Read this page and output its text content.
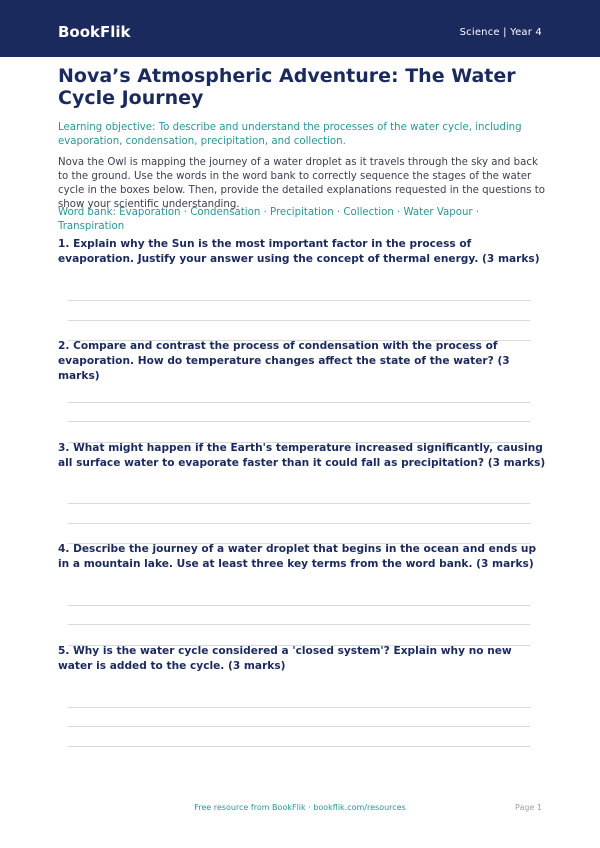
BookFlik	Science | Year 4
Nova’s Atmospheric Adventure: The Water Cycle Journey
Learning objective: To describe and understand the processes of the water cycle, including evaporation, condensation, precipitation, and collection.
Nova the Owl is mapping the journey of a water droplet as it travels through the sky and back to the ground. Use the words in the word bank to correctly sequence the stages of the water cycle in the boxes below. Then, provide the detailed explanations requested in the questions to show your scientific understanding.
Word bank: Evaporation · Condensation · Precipitation · Collection · Water Vapour · Transpiration
1. Explain why the Sun is the most important factor in the process of evaporation. Justify your answer using the concept of thermal energy. (3 marks)
2. Compare and contrast the process of condensation with the process of evaporation. How do temperature changes affect the state of the water? (3 marks)
3. What might happen if the Earth's temperature increased significantly, causing all surface water to evaporate faster than it could fall as precipitation? (3 marks)
4. Describe the journey of a water droplet that begins in the ocean and ends up in a mountain lake. Use at least three key terms from the word bank. (3 marks)
5. Why is the water cycle considered a 'closed system'? Explain why no new water is added to the cycle. (3 marks)
Free resource from BookFlik · bookflik.com/resources	Page 1
